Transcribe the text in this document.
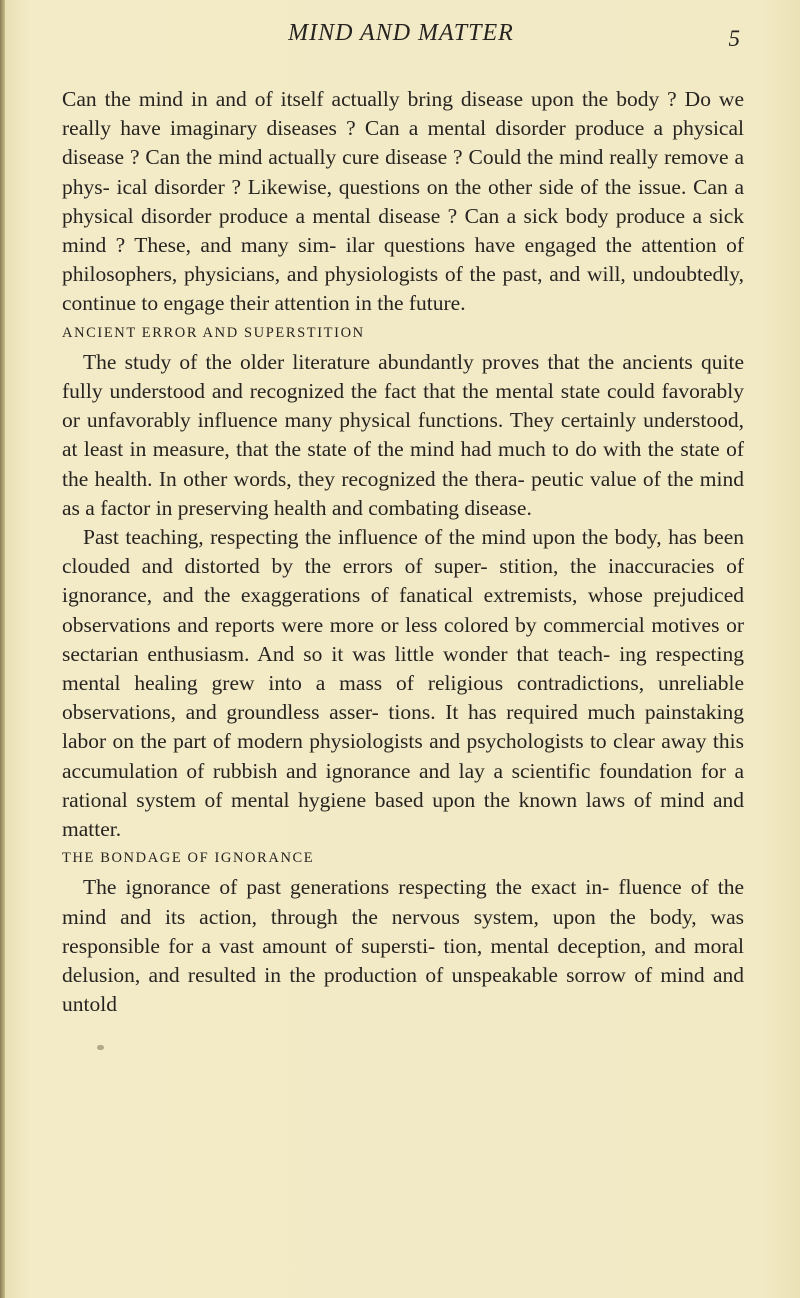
MIND AND MATTER	5

Can the mind in and of itself actually bring disease upon the body ? Do we really have imaginary diseases ? Can a mental disorder produce a physical disease ? Can the mind actually cure disease ? Could the mind really remove a phys- ical disorder ? Likewise, questions on the other side of the issue. Can a physical disorder produce a mental disease ? Can a sick body produce a sick mind ? These, and many sim- ilar questions have engaged the attention of philosophers, physicians, and physiologists of the past, and will, undoubtedly, continue to engage their attention in the future.

ANCIENT ERROR AND SUPERSTITION

The study of the older literature abundantly proves that the ancients quite fully understood and recognized the fact that the mental state could favorably or unfavorably influence many physical functions. They certainly understood, at least in measure, that the state of the mind had much to do with the state of the health. In other words, they recognized the thera- peutic value of the mind as a factor in preserving health and combating disease.

Past teaching, respecting the influence of the mind upon the body, has been clouded and distorted by the errors of super- stition, the inaccuracies of ignorance, and the exaggerations of fanatical extremists, whose prejudiced observations and reports were more or less colored by commercial motives or sectarian enthusiasm. And so it was little wonder that teach- ing respecting mental healing grew into a mass of religious contradictions, unreliable observations, and groundless asser- tions. It has required much painstaking labor on the part of modern physiologists and psychologists to clear away this accumulation of rubbish and ignorance and lay a scientific foundation for a rational system of mental hygiene based upon the known laws of mind and matter.

THE BONDAGE OF IGNORANCE

The ignorance of past generations respecting the exact in- fluence of the mind and its action, through the nervous system, upon the body, was responsible for a vast amount of supersti- tion, mental deception, and moral delusion, and resulted in the production of unspeakable sorrow of mind and untold
